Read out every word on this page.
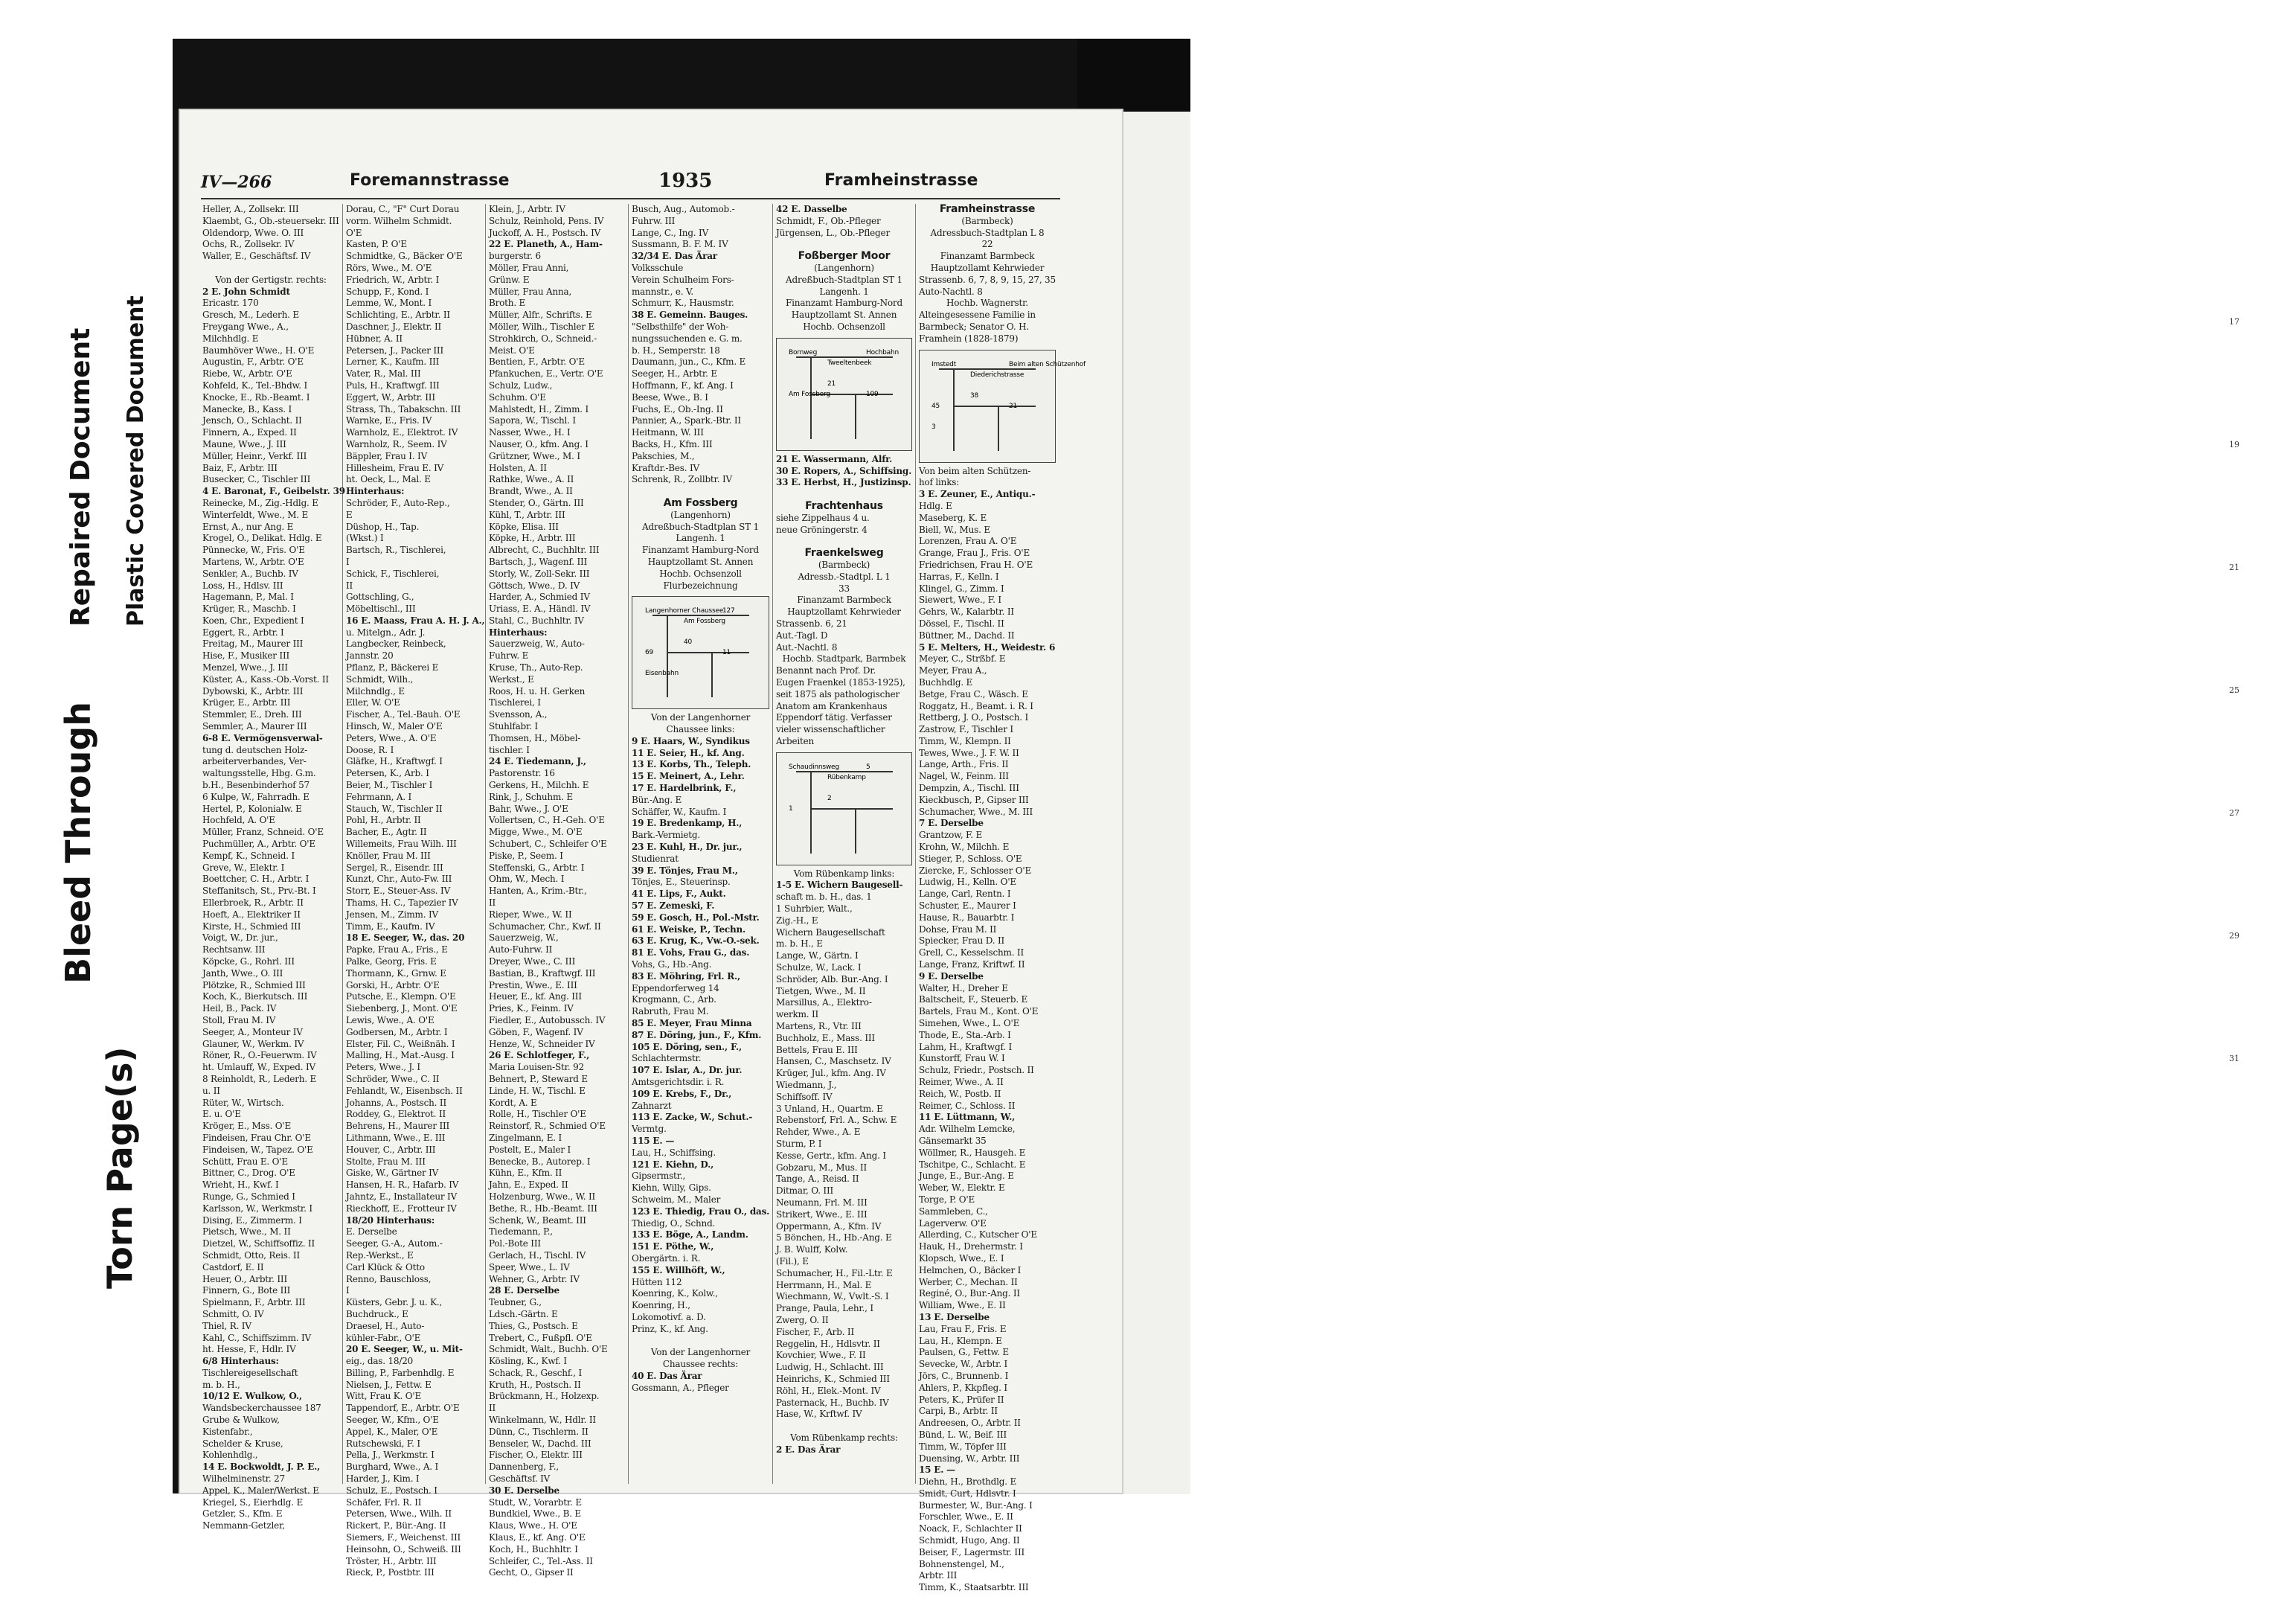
17
19
21
25
27
29
31
Bleed Through
Repaired Document Plastic Covered Document
Torn Page(s)
IV—266	Foremannstrasse	1935	Framheinstrasse
Heller, A., Zollsekr. III
Klaembt, G., Ob.-steuersekr. III
Oldendorp, Wwe. O. III
Ochs, R., Zollsekr. IV
Waller, E., Geschäftsf. IV

Von der Gertigstr. rechts:
2 E. John Schmidt
Ericastr. 170
Gresch, M., Lederh. E
Freygang Wwe., A.,
Milchhdlg. E
Baumhöver Wwe., H. O'E
Augustin, F., Arbtr. O'E
Riebe, W., Arbtr. O'E
Kohfeld, K., Tel.-Bhdw. I
Knocke, E., Rb.-Beamt. I
Manecke, B., Kass. I
Jensch, O., Schlacht. II
Finnern, A., Exped. II
Maune, Wwe., J. III
Müller, Heinr., Verkf. III
Baiz, F., Arbtr. III
Busecker, C., Tischler III
4 E. Baronat, F., Geibelstr. 39
Reinecke, M., Zig.-Hdlg. E
Winterfeldt, Wwe., M. E
Ernst, A., nur Ang. E
Krogel, O., Delikat. Hdlg. E
Pünnecke, W., Fris. O'E
Martens, W., Arbtr. O'E
Senkler, A., Buchb. IV
Loss, H., Hdlsv. III
Hagemann, P., Mal. I
Krüger, R., Maschb. I
Koen, Chr., Expedient I
Eggert, R., Arbtr. I
Freitag, M., Maurer III
Hise, F., Musiker III
Menzel, Wwe., J. III
Küster, A., Kass.-Ob.-Vorst. II
Dybowski, K., Arbtr. III
Krüger, E., Arbtr. III
Stemmler, E., Dreh. III
Semmler, A., Maurer III
6-8 E. Vermögensverwal-
tung d. deutschen Holz-
arbeiterverbandes, Ver-
waltungsstelle, Hbg. G.m.
b.H., Besenbinderhof 57
6 Kulpe, W., Fahrradh. E
Hertel, P., Kolonialw. E
Hochfeld, A. O'E
Müller, Franz, Schneid. O'E
Puchmüller, A., Arbtr. O'E
Kempf, K., Schneid. I
Greve, W., Elektr. I
Boettcher, C. H., Arbtr. I
Steffanitsch, St., Prv.-Bt. I
Ellerbroek, R., Arbtr. II
Hoeft, A., Elektriker II
Kirste, H., Schmied III
Voigt, W., Dr. jur.,
Rechtsanw. III
Köpcke, G., Rohrl. III
Janth, Wwe., O. III
Plötzke, R., Schmied III
Koch, K., Bierkutsch. III
Heil, B., Pack. IV
Stoll, Frau M. IV
Seeger, A., Monteur IV
Glauner, W., Werkm. IV
Röner, R., O.-Feuerwm. IV
ht. Umlauff, W., Exped. IV
8 Reinholdt, R., Lederh. E
u. II
Rüter, W., Wirtsch.
E. u. O'E
Kröger, E., Mss. O'E
Findeisen, Frau Chr. O'E
Findeisen, W., Tapez. O'E
Schütt, Frau E. O'E
Bittner, C., Drog. O'E
Wrieht, H., Kwf. I
Runge, G., Schmied I
Karlsson, W., Werkmstr. I
Dising, E., Zimmerm. I
Pietsch, Wwe., M. II
Dietzel, W., Schiffsoffiz. II
Schmidt, Otto, Reis. II
Castdorf, E. II
Heuer, O., Arbtr. III
Finnern, G., Bote III
Spielmann, F., Arbtr. III
Schmitt, O. IV
Thiel, R. IV
Kahl, C., Schiffszimm. IV
ht. Hesse, F., Hdlr. IV
6/8 Hinterhaus:
Tischlereigesellschaft
m. b. H.,
10/12 E. Wulkow, O.,
Wandsbeckerchaussee 187
Grube & Wulkow,
Kistenfabr.,
Schelder & Kruse,
Kohlenhdlg.,
14 E. Bockwoldt, J. P. E.,
Wilhelminenstr. 27
Appel, K., Maler/Werkst. E
Kriegel, S., Eierhdlg. E
Getzler, S., Kfm. E
Nemmann-Getzler,
Dorau, C., "F" Curt Dorau
vorm. Wilhelm Schmidt.
O'E
Kasten, P. O'E
Schmidtke, G., Bäcker O'E
Rörs, Wwe., M. O'E
Friedrich, W., Arbtr. I
Schupp, F., Kond. I
Lemme, W., Mont. I
Schlichting, E., Arbtr. II
Daschner, J., Elektr. II
Hübner, A. II
Petersen, J., Packer III
Lerner, K., Kaufm. III
Vater, R., Mal. III
Puls, H., Kraftwgf. III
Eggert, W., Arbtr. III
Strass, Th., Tabakschn. III
Warnke, E., Fris. IV
Warnholz, E., Elektrot. IV
Warnholz, R., Seem. IV
Bäppler, Frau I. IV
Hillesheim, Frau E. IV
ht. Oeck, L., Mal. E
Hinterhaus:
Schröder, F., Auto-Rep.,
E
Düshop, H., Tap.
(Wkst.) I
Bartsch, R., Tischlerei,
I
Schick, F., Tischlerei,
II
Gottschling, G.,
Möbeltischl., III
16 E. Maass, Frau A. H. J. A.,
u. Mitelgn., Adr. J.
Langbecker, Reinbeck,
Jannstr. 20
Pflanz, P., Bäckerei E
Schmidt, Wilh.,
Milchndlg., E
Eller, W. O'E
Fischer, A., Tel.-Bauh. O'E
Hinsch, W., Maler O'E
Peters, Wwe., A. O'E
Doose, R. I
Gläfke, H., Kraftwgf. I
Petersen, K., Arb. I
Beier, M., Tischler I
Fehrmann, A. I
Stauch, W., Tischler II
Pohl, H., Arbtr. II
Bacher, E., Agtr. II
Willemeits, Frau Wilh. III
Knöller, Frau M. III
Sergel, R., Eisendr. III
Kunzt, Chr., Auto-Fw. III
Storr, E., Steuer-Ass. IV
Thams, H. C., Tapezier IV
Jensen, M., Zimm. IV
Timm, E., Kaufm. IV
18 E. Seeger, W., das. 20
Papke, Frau A., Fris., E
Palke, Georg, Fris. E
Thormann, K., Grnw. E
Gorski, H., Arbtr. O'E
Putsche, E., Klempn. O'E
Siebenberg, J., Mont. O'E
Lewis, Wwe., A. O'E
Godbersen, M., Arbtr. I
Elster, Fil. C., Weißnäh. I
Malling, H., Mat.-Ausg. I
Peters, Wwe., J. I
Schröder, Wwe., C. II
Fehlandt, W., Eisenbsch. II
Johanns, A., Postsch. II
Roddey, G., Elektrot. II
Behrens, H., Maurer III
Lithmann, Wwe., E. III
Houver, C., Arbtr. III
Stolte, Frau M. III
Giske, W., Gärtner IV
Hansen, H. R., Hafarb. IV
Jahntz, E., Installateur IV
Rieckhoff, E., Frotteur IV
18/20 Hinterhaus:
E. Derselbe
Seeger, G.-A., Autom.-
Rep.-Werkst., E
Carl Klück & Otto
Renno, Bauschloss,
I
Küsters, Gebr. J. u. K.,
Buchdruck., E
Draesel, H., Auto-
kühler-Fabr., O'E
20 E. Seeger, W., u. Mit-
eig., das. 18/20
Billing, P., Farbenhdlg. E
Nielsen, J., Fettw. E
Witt, Frau K. O'E
Tappendorf, E., Arbtr. O'E
Seeger, W., Kfm., O'E
Appel, K., Maler, O'E
Rutschewski, F. I
Pella, J., Werkmstr. I
Burghard, Wwe., A. I
Harder, J., Kim. I
Schulz, E., Postsch. I
Schäfer, Frl. R. II
Petersen, Wwe., Wilh. II
Rickert, P., Bür.-Ang. II
Siemers, F., Weichenst. III
Heinsohn, O., Schweiß. III
Tröster, H., Arbtr. III
Rieck, P., Postbtr. III
Klein, J., Arbtr. IV
Schulz, Reinhold, Pens. IV
Juckoff, A. H., Postsch. IV
22 E. Planeth, A., Ham-
burgerstr. 6
Möller, Frau Anni,
Grünw. E
Müller, Frau Anna,
Broth. E
Müller, Alfr., Schrifts. E
Möller, Wilh., Tischler E
Strohkirch, O., Schneid.-
Meist. O'E
Bentien, F., Arbtr. O'E
Pfankuchen, E., Vertr. O'E
Schulz, Ludw.,
Schuhm. O'E
Mahlstedt, H., Zimm. I
Sapora, W., Tischl. I
Nasser, Wwe., H. I
Nauser, O., kfm. Ang. I
Grützner, Wwe., M. I
Holsten, A. II
Rathke, Wwe., A. II
Brandt, Wwe., A. II
Stender, O., Gärtn. III
Kühl, T., Arbtr. III
Köpke, Elisa. III
Köpke, H., Arbtr. III
Albrecht, C., Buchhltr. III
Bartsch, J., Wagenf. III
Storly, W., Zoll-Sekr. III
Göttsch, Wwe., D. IV
Harder, A., Schmied IV
Uriass, E. A., Händl. IV
Stahl, C., Buchhltr. IV
Hinterhaus:
Sauerzweig, W., Auto-
Fuhrw. E
Kruse, Th., Auto-Rep.
Werkst., E
Roos, H. u. H. Gerken
Tischlerei, I
Svensson, A.,
Stuhlfabr. I
Thomsen, H., Möbel-
tischler. I
24 E. Tiedemann, J.,
Pastorenstr. 16
Gerkens, H., Milchh. E
Rink, J., Schuhm. E
Bahr, Wwe., J. O'E
Vollertsen, C., H.-Geh. O'E
Migge, Wwe., M. O'E
Schubert, C., Schleifer O'E
Piske, P., Seem. I
Steffenski, G., Arbtr. I
Ohm, W., Mech. I
Hanten, A., Krim.-Btr.,
II
Rieper, Wwe., W. II
Schumacher, Chr., Kwf. II
Sauerzweig, W.,
Auto-Fuhrw. II
Dreyer, Wwe., C. III
Bastian, B., Kraftwgf. III
Prestin, Wwe., E. III
Heuer, E., kf. Ang. III
Pries, K., Feinm. IV
Fiedler, E., Autobussch. IV
Göben, F., Wagenf. IV
Henze, W., Schneider IV
26 E. Schlotfeger, F.,
Maria Louisen-Str. 92
Behnert, P., Steward E
Linde, H. W., Tischl. E
Kordt, A. E
Rolle, H., Tischler O'E
Reinstorf, R., Schmied O'E
Zingelmann, E. I
Postelt, E., Maler I
Benecke, B., Autorep. I
Kühn, E., Kfm. II
Jahn, E., Exped. II
Holzenburg, Wwe., W. II
Bethe, R., Hb.-Beamt. III
Schenk, W., Beamt. III
Tiedemann, P.,
Pol.-Bote III
Gerlach, H., Tischl. IV
Speer, Wwe., L. IV
Wehner, G., Arbtr. IV
28 E. Derselbe
Teubner, G.,
Ldsch.-Gärtn. E
Thies, G., Postsch. E
Trebert, C., Fußpfl. O'E
Schmidt, Walt., Buchh. O'E
Kösling, K., Kwf. I
Schack, R., Geschf., I
Kruth, H., Postsch. II
Brückmann, H., Holzexp.
II
Winkelmann, W., Hdlr. II
Dünn, C., Tischlerm. II
Benseler, W., Dachd. III
Fischer, O., Elektr. III
Dannenberg, F.,
Geschäftsf. IV
30 E. Derselbe
Studt, W., Vorarbtr. E
Bundkiel, Wwe., B. E
Klaus, Wwe., H. O'E
Klaus, E., kf. Ang. O'E
Koch, H., Buchhltr. I
Schleifer, C., Tel.-Ass. II
Gecht, O., Gipser II
Busch, Aug., Automob.-
Fuhrw. III
Lange, C., Ing. IV
Sussmann, B. F. M. IV
32/34 E. Das Ärar
Volksschule
Verein Schulheim Fors-
mannstr., e. V.
Schmurr, K., Hausmstr.
38 E. Gemeinn. Bauges.
"Selbsthilfe" der Woh-
nungssuchenden e. G. m.
b. H., Semperstr. 18
Daumann, jun., C., Kfm. E
Seeger, H., Arbtr. E
Hoffmann, F., kf. Ang. I
Beese, Wwe., B. I
Fuchs, E., Ob.-Ing. II
Pannier, A., Spark.-Btr. II
Heitmann, W. III
Backs, H., Kfm. III
Pakschies, M.,
Kraftdr.-Bes. IV
Schrenk, R., Zollbtr. IV

Am Fossberg
(Langenhorn)
Adreßbuch-Stadtplan ST 1
Langenh. 1
Finanzamt Hamburg-Nord
Hauptzollamt St. Annen
Hochb. Ochsenzoll
Flurbezeichnung
Langenhorner Chaussee
Am Fossberg
127
69
40
11
Eisenbahn
Von der Langenhorner
Chaussee links:
9 E. Haars, W., Syndikus
11 E. Seier, H., kf. Ang.
13 E. Korbs, Th., Teleph.
15 E. Meinert, A., Lehr.
17 E. Hardelbrink, F.,
Bür.-Ang. E
Schäffer, W., Kaufm. I
19 E. Bredenkamp, H.,
Bark.-Vermietg.
23 E. Kuhl, H., Dr. jur.,
Studienrat
39 E. Tönjes, Frau M.,
Tönjes, E., Steuerinsp.
41 E. Lips, F., Aukt.
57 E. Zemeski, F.
59 E. Gosch, H., Pol.-Mstr.
61 E. Weiske, P., Techn.
63 E. Krug, K., Vw.-O.-sek.
81 E. Vohs, Frau G., das.
Vohs, G., Hb.-Ang.
83 E. Möhring, Frl. R.,
Eppendorferweg 14
Krogmann, C., Arb.
Rabruth, Frau M.
85 E. Meyer, Frau Minna
87 E. Döring, jun., F., Kfm.
105 E. Döring, sen., F.,
Schlachtermstr.
107 E. Islar, A., Dr. jur.
Amtsgerichtsdir. i. R.
109 E. Krebs, F., Dr.,
Zahnarzt
113 E. Zacke, W., Schut.-
Vermtg.
115 E. —
Lau, H., Schiffsing.
121 E. Kiehn, D.,
Gipsermstr.,
Kiehn, Willy, Gips.
Schweim, M., Maler
123 E. Thiedig, Frau O., das.
Thiedig, O., Schnd.
133 E. Böge, A., Landm.
151 E. Pöthe, W.,
Obergärtn. i. R.
155 E. Willhöft, W.,
Hütten 112
Koenring, K., Kolw.,
Koenring, H.,
Lokomotivf. a. D.
Prinz, K., kf. Ang.

Von der Langenhorner
Chaussee rechts:
40 E. Das Ärar
Gossmann, A., Pfleger
42 E. Dasselbe
Schmidt, F., Ob.-Pfleger
Jürgensen, L., Ob.-Pfleger

Foßberger Moor
(Langenhorn)
Adreßbuch-Stadtplan ST 1
Langenh. 1
Finanzamt Hamburg-Nord
Hauptzollamt St. Annen
Hochb. Ochsenzoll
Bornweg
Tweeltenbeek
Hochbahn
Am Fossberg
21
109
21 E. Wassermann, Alfr.
30 E. Ropers, A., Schiffsing.
33 E. Herbst, H., Justizinsp.

Frachtenhaus
siehe Zippelhaus 4 u.
neue Gröningerstr. 4

Fraenkelsweg
(Barmbeck)
Adressb.-Stadtpl. L 1
33
Finanzamt Barmbeck
Hauptzollamt Kehrwieder
Strassenb. 6, 21
Aut.-Tagl. D
Aut.-Nachtl. 8
Hochb. Stadtpark, Barmbek
Benannt nach Prof. Dr.
Eugen Fraenkel (1853-1925),
seit 1875 als pathologischer
Anatom am Krankenhaus
Eppendorf tätig. Verfasser
vieler wissenschaftlicher
Arbeiten
Schaudinnsweg
Rübenkamp
5
1
2
Vom Rübenkamp links:
1-5 E. Wichern Baugesell-
schaft m. b. H., das. 1
1 Suhrbier, Walt.,
Zig.-H., E
Wichern Baugesellschaft
m. b. H., E
Lange, W., Gärtn. I
Schulze, W., Lack. I
Schröder, Alb. Bur.-Ang. I
Tietgen, Wwe., M. II
Marsillus, A., Elektro-
werkm. II
Martens, R., Vtr. III
Buchholz, E., Mass. III
Bettels, Frau E. III
Hansen, C., Maschsetz. IV
Krüger, Jul., kfm. Ang. IV
Wiedmann, J.,
Schiffsoff. IV
3 Unland, H., Quartm. E
Rebenstorf, Frl. A., Schw. E
Rehder, Wwe., A. E
Sturm, P. I
Kesse, Gertr., kfm. Ang. I
Gobzaru, M., Mus. II
Tange, A., Reisd. II
Ditmar, O. III
Neumann, Frl. M. III
Strikert, Wwe., E. III
Oppermann, A., Kfm. IV
5 Bönchen, H., Hb.-Ang. E
J. B. Wulff, Kolw.
(Fil.), E
Schumacher, H., Fil.-Ltr. E
Herrmann, H., Mal. E
Wiechmann, W., Vwlt.-S. I
Prange, Paula, Lehr., I
Zwerg, O. II
Fischer, F., Arb. II
Reggelin, H., Hdlsvtr. II
Kovchier, Wwe., F. II
Ludwig, H., Schlacht. III
Heinrichs, K., Schmied III
Röhl, H., Elek.-Mont. IV
Pasternack, H., Buchb. IV
Hase, W., Krftwf. IV

Vom Rübenkamp rechts:
2 E. Das Ärar
Framheinstrasse
(Barmbeck)
Adressbuch-Stadtplan L 8
22
Finanzamt Barmbeck
Hauptzollamt Kehrwieder
Strassenb. 6, 7, 8, 9, 15, 27, 35
Auto-Nachtl. 8
Hochb. Wagnerstr.
Alteingesessene Familie in
Barmbeck; Senator O. H.
Framhein (1828-1879)
Imstedt
Diederichstrasse
Beim alten Schützenhof
45
38
21
3
Von beim alten Schützen-
hof links:
3 E. Zeuner, E., Antiqu.-
Hdlg. E
Maseberg, K. E
Biell, W., Mus. E
Lorenzen, Frau A. O'E
Grange, Frau J., Fris. O'E
Friedrichsen, Frau H. O'E
Harras, F., Kelln. I
Klingel, G., Zimm. I
Siewert, Wwe., F. I
Gehrs, W., Kalarbtr. II
Dössel, F., Tischl. II
Büttner, M., Dachd. II
5 E. Melters, H., Weidestr. 6
Meyer, C., Strßbf. E
Meyer, Frau A.,
Buchhdlg. E
Betge, Frau C., Wäsch. E
Roggatz, H., Beamt. i. R. I
Rettberg, J. O., Postsch. I
Zastrow, F., Tischler I
Timm, W., Klempn. II
Tewes, Wwe., J. F. W. II
Lange, Arth., Fris. II
Nagel, W., Feinm. III
Dempzin, A., Tischl. III
Kieckbusch, P., Gipser III
Schumacher, Wwe., M. III
7 E. Derselbe
Grantzow, F. E
Krohn, W., Milchh. E
Stieger, P., Schloss. O'E
Ziercke, F., Schlosser O'E
Ludwig, H., Kelln. O'E
Lange, Carl, Rentn. I
Schuster, E., Maurer I
Hause, R., Bauarbtr. I
Dohse, Frau M. II
Spiecker, Frau D. II
Grell, C., Kesselschm. II
Lange, Franz, Kriftwf. II
9 E. Derselbe
Walter, H., Dreher E
Baltscheit, F., Steuerb. E
Bartels, Frau M., Kont. O'E
Simehen, Wwe., L. O'E
Thode, E., Sta.-Arb. I
Lahm, H., Kraftwgf. I
Kunstorff, Frau W. I
Schulz, Friedr., Postsch. II
Reimer, Wwe., A. II
Reich, W., Postb. II
Reimer, C., Schloss. II
11 E. Lüttmann, W.,
Adr. Wilhelm Lemcke,
Gänsemarkt 35
Wöllmer, R., Hausgeh. E
Tschitpe, C., Schlacht. E
Junge, E., Bur.-Ang. E
Weber, W., Elektr. E
Torge, P. O'E
Sammleben, C.,
Lagerverw. O'E
Allerding, C., Kutscher O'E
Hauk, H., Drehermstr. I
Klopsch, Wwe., E. I
Helmchen, O., Bäcker I
Werber, C., Mechan. II
Reginé, O., Bur.-Ang. II
William, Wwe., E. II
13 E. Derselbe
Lau, Frau F., Fris. E
Lau, H., Klempn. E
Paulsen, G., Fettw. E
Sevecke, W., Arbtr. I
Jörs, C., Brunnenb. I
Ahlers, P., Kkpfleg. I
Peters, K., Prüfer II
Carpi, B., Arbtr. II
Andreesen, O., Arbtr. II
Bünd, L. W., Beif. III
Timm, W., Töpfer III
Duensing, W., Arbtr. III
15 E. —
Diehn, H., Brothdlg. E
Smidt, Curt, Hdlsvtr. I
Burmester, W., Bur.-Ang. I
Forschler, Wwe., E. II
Noack, F., Schlachter II
Schmidt, Hugo, Ang. II
Beiser, F., Lagermstr. III
Bohnenstengel, M.,
Arbtr. III
Timm, K., Staatsarbtr. III
